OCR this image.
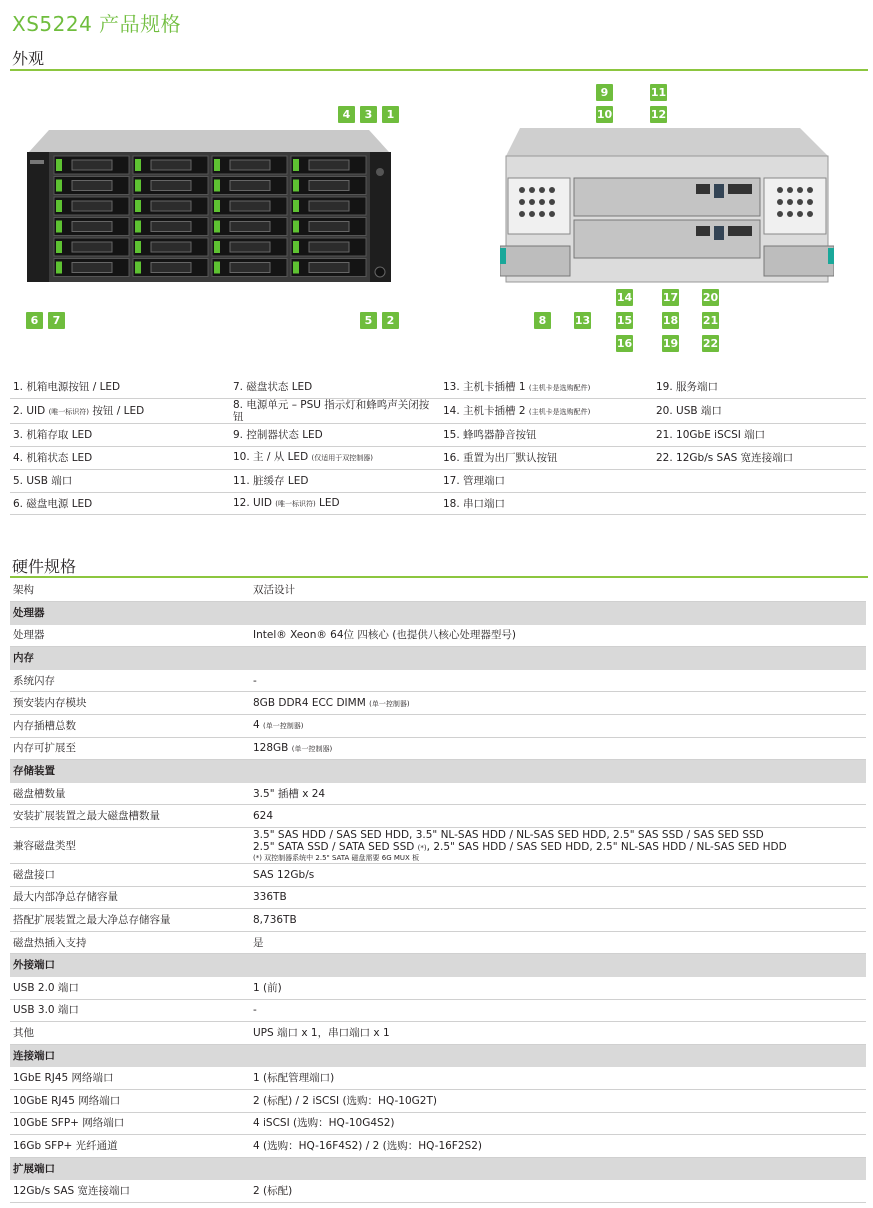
XS5224 产品规格
外观
4	3	1
6	7	5	2
9	11
10	12
8	13
14	17 20
15	18 21
16	19 22
1. 机箱电源按钮 / LED	7. 磁盘状态 LED	13. 主机卡插槽 1 (主机卡是选购配件)	19. 服务端口
2. UID (唯一标识符) 按钮 / LED	8. 电源单元 – PSU 指示灯和蜂鸣声关闭按钮	14. 主机卡插槽 2 (主机卡是选购配件)	20. USB 端口
3. 机箱存取 LED	9. 控制器状态 LED	15. 蜂鸣器静音按钮	21. 10GbE iSCSI 端口
4. 机箱状态 LED	10. 主 / 从 LED (仅适用于双控制器)	16. 重置为出厂默认按钮	22. 12Gb/s SAS 宽连接端口
5. USB 端口	11. 脏缓存 LED	17. 管理端口	
6. 磁盘电源 LED	12. UID (唯一标识符) LED	18. 串口端口	
硬件规格
架构	双活设计
处理器	
处理器	Intel® Xeon® 64位 四核心 (也提供八核心处理器型号)
内存	
系统闪存	-
预安装内存模块	8GB DDR4 ECC DIMM (单一控制器)
内存插槽总数	4 (单一控制器)
内存可扩展至	128GB (单一控制器)
存储装置	
磁盘槽数量	3.5" 插槽 x 24
安装扩展装置之最大磁盘槽数量	624
兼容磁盘类型	3.5" SAS HDD / SAS SED HDD, 3.5" NL-SAS HDD / NL-SAS SED HDD, 2.5" SAS SSD / SAS SED SSD
2.5" SATA SSD / SATA SED SSD (*), 2.5" SAS HDD / SAS SED HDD, 2.5" NL-SAS HDD / NL-SAS SED HDD
(*) 双控制器系统中 2.5" SATA 磁盘需要 6G MUX 板

磁盘接口	SAS 12Gb/s
最大内部净总存储容量	336TB
搭配扩展装置之最大净总存储容量	8,736TB
磁盘热插入支持	是
外接端口	
USB 2.0 端口	1 (前)
USB 3.0 端口	-
其他	UPS 端口 x 1，串口端口 x 1
连接端口	
1GbE RJ45 网络端口	1 (标配管理端口)
10GbE RJ45 网络端口	2 (标配) / 2 iSCSI (选购：HQ-10G2T)
10GbE SFP+ 网络端口	4 iSCSI (选购：HQ-10G4S2)
16Gb SFP+ 光纤通道	4 (选购：HQ-16F4S2) / 2 (选购：HQ-16F2S2)
扩展端口	
12Gb/s SAS 宽连接端口	2 (标配)
